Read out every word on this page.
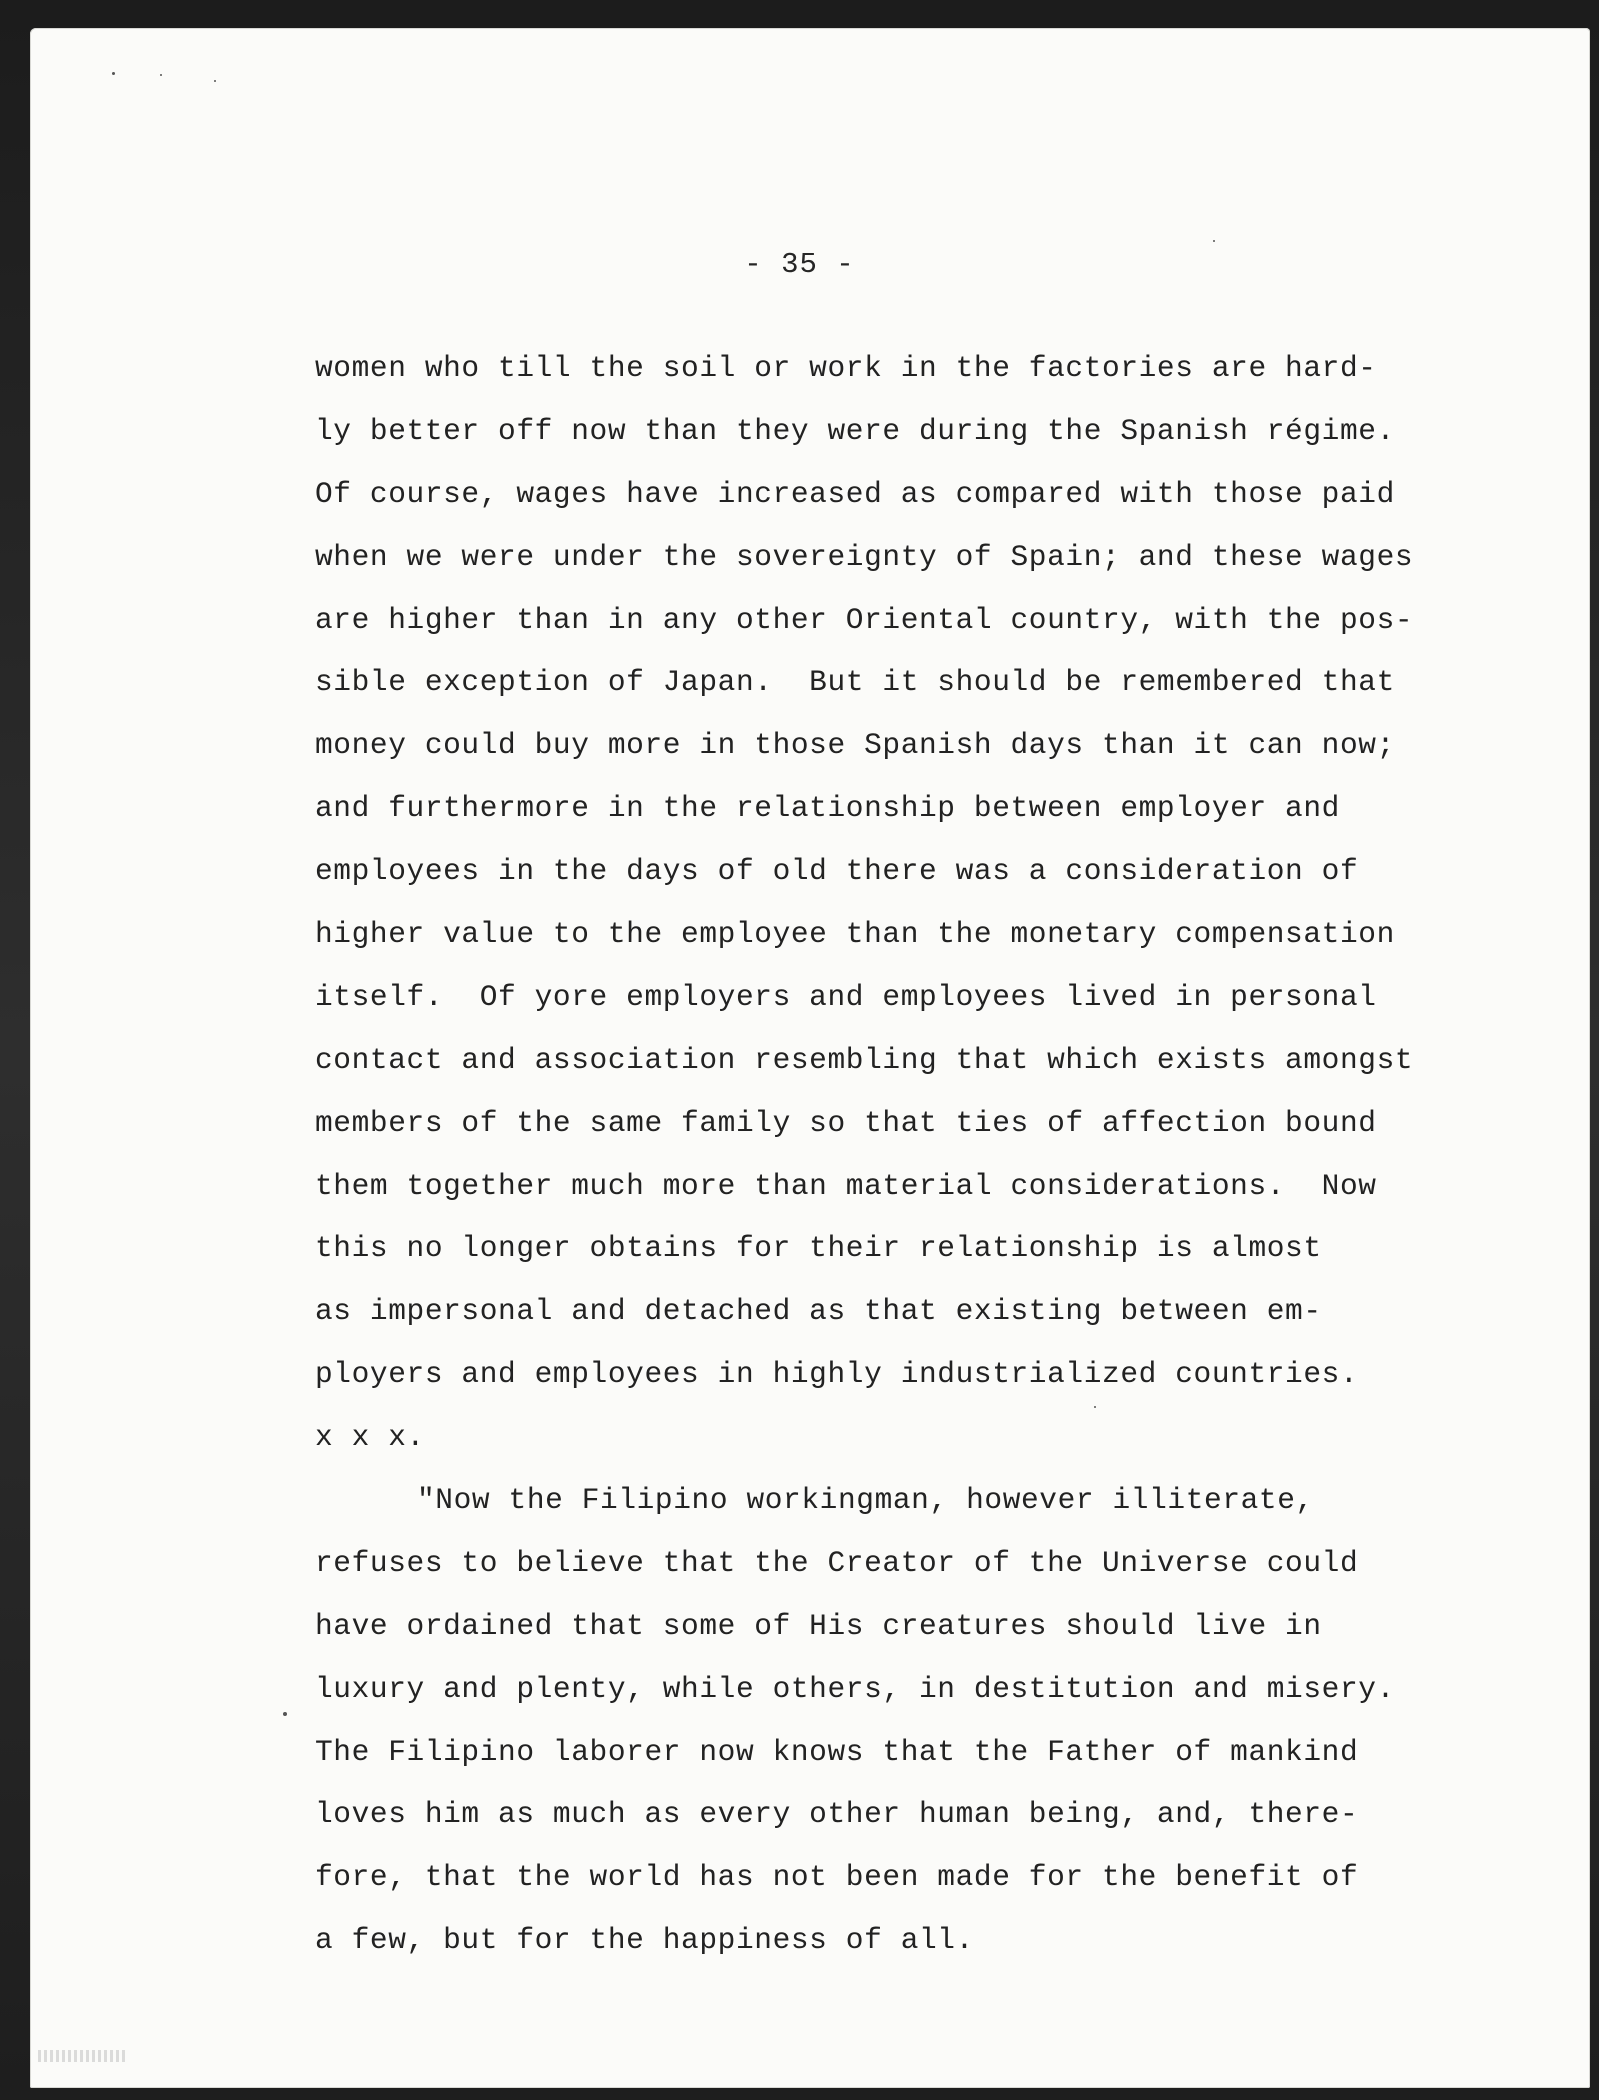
- 35 -
women who till the soil or work in the factories are hard-
ly better off now than they were during the Spanish régime.
Of course, wages have increased as compared with those paid
when we were under the sovereignty of Spain; and these wages
are higher than in any other Oriental country, with the pos-
sible exception of Japan.  But it should be remembered that
money could buy more in those Spanish days than it can now;
and furthermore in the relationship between employer and
employees in the days of old there was a consideration of
higher value to the employee than the monetary compensation
itself.  Of yore employers and employees lived in personal
contact and association resembling that which exists amongst
members of the same family so that ties of affection bound
them together much more than material considerations.  Now
this no longer obtains for their relationship is almost
as impersonal and detached as that existing between em-
ployers and employees in highly industrialized countries.
x x x.
"Now the Filipino workingman, however illiterate,
refuses to believe that the Creator of the Universe could
have ordained that some of His creatures should live in
luxury and plenty, while others, in destitution and misery.
The Filipino laborer now knows that the Father of mankind
loves him as much as every other human being, and, there-
fore, that the world has not been made for the benefit of
a few, but for the happiness of all.
